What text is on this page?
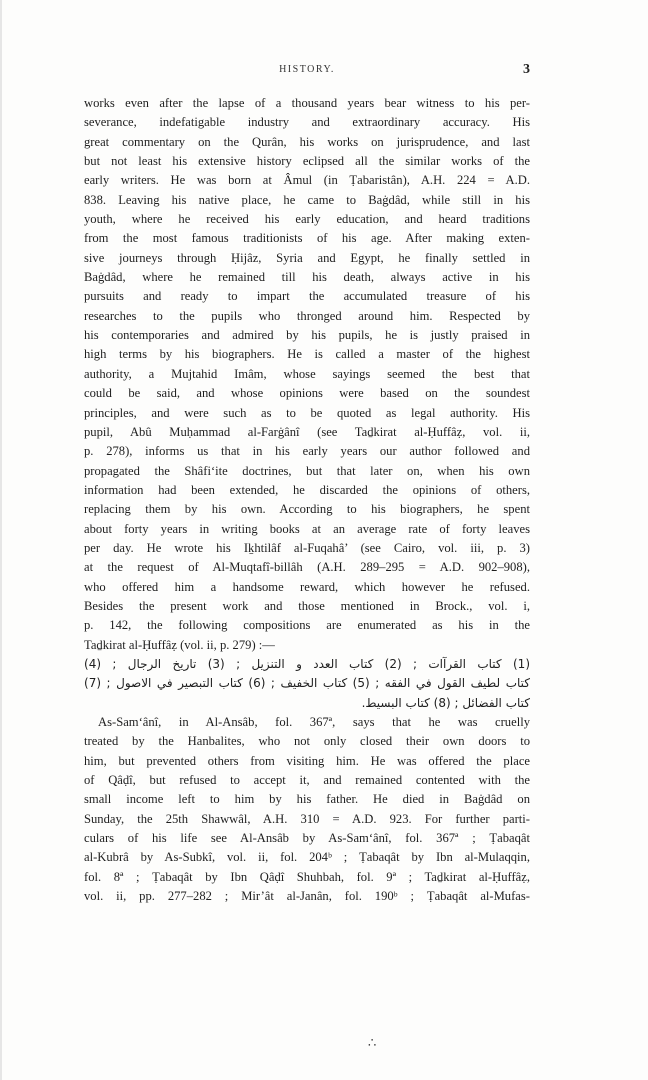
HISTORY.	3
works even after the lapse of a thousand years bear witness to his per-
severance, indefatigable industry and extraordinary accuracy. His
great commentary on the Qurân, his works on jurisprudence, and last
but not least his extensive history eclipsed all the similar works of the
early writers. He was born at Âmul (in Ṭabaristân), A.H. 224 = A.D.
838. Leaving his native place, he came to Baġdâd, while still in his
youth, where he received his early education, and heard traditions
from the most famous traditionists of his age. After making exten-
sive journeys through Ḥijâz, Syria and Egypt, he finally settled in
Baġdâd, where he remained till his death, always active in his
pursuits and ready to impart the accumulated treasure of his
researches to the pupils who thronged around him. Respected by
his contemporaries and admired by his pupils, he is justly praised in
high terms by his biographers. He is called a master of the highest
authority, a Mujtahid Imâm, whose sayings seemed the best that
could be said, and whose opinions were based on the soundest
principles, and were such as to be quoted as legal authority. His
pupil, Abû Muḥammad al-Farġânî (see Taḏkirat al-Ḥuffâẓ, vol. ii,
p. 278), informs us that in his early years our author followed and
propagated the Shâfi‘ite doctrines, but that later on, when his own
information had been extended, he discarded the opinions of others,
replacing them by his own. According to his biographers, he spent
about forty years in writing books at an average rate of forty leaves
per day. He wrote his Iḵhtilâf al-Fuqahâ’ (see Cairo, vol. iii, p. 3)
at the request of Al-Muqtafî-billâh (A.H. 289–295 = A.D. 902–908),
who offered him a handsome reward, which however he refused.
Besides the present work and those mentioned in Brock., vol. i,
p. 142, the following compositions are enumerated as his in the
Taḏkirat al-Ḥuffâẓ (vol. ii, p. 279) :—
(1) كتاب القرآات ; (2) كتاب العدد و التنزيل ; (3) تاريخ الرجال ; (4)
كتاب لطيف القول في الفقه ; (5) كتاب الخفيف ; (6) كتاب التبصير في الاصول ; (7)
كتاب الفضائل ; (8) كتاب البسيط.
As-Sam‘ânî, in Al-Ansâb, fol. 367ª, says that he was cruelly
treated by the Hanbalites, who not only closed their own doors to
him, but prevented others from visiting him. He was offered the place
of Qâḍî, but refused to accept it, and remained contented with the
small income left to him by his father. He died in Baġdâd on
Sunday, the 25th Shawwâl, A.H. 310 = A.D. 923. For further parti-
culars of his life see Al-Ansâb by As-Sam‘ânî, fol. 367ª ; Ṭabaqât
al-Kubrâ by As-Subkî, vol. ii, fol. 204ᵇ ; Ṭabaqât by Ibn al-Mulaqqin,
fol. 8ª ; Ṭabaqât by Ibn Qâḍî Shuhbah, fol. 9ª ; Taḏkirat al-Ḥuffâẓ,
vol. ii, pp. 277–282 ; Mir’ât al-Janân, fol. 190ᵇ ; Ṭabaqât al-Mufas-
∴
